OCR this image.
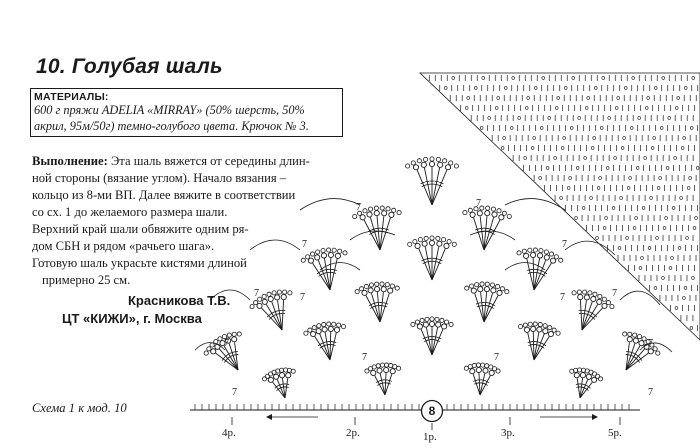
10. Голубая шаль
МАТЕРИАЛЫ:
600 г пряжи ADELIA «MIRRAY» (50% шерсть, 50%
акрил, 95м/50г) темно-голубого цвета. Крючок № 3.
Выполнение: Эта шаль вяжется от середины длин-
ной стороны (вязание углом). Начало вязания –
кольцо из 8-ми ВП. Далее вяжите в соответствии
со сх. 1 до желаемого размера шали.
Верхний край шали обвяжите одним ря-
дом СБН и рядом «рачьего шага».
Готовую шаль украсьте кистями длиной
примерно 25 см.
Красникова Т.В.
ЦТ «КИЖИ», г. Москва
Схема 1 к мод. 10	8
4р.	2р.	1р.	3р.	5р.
7	7
7	7
7	7
7	7
7	7
7	7
7	7
